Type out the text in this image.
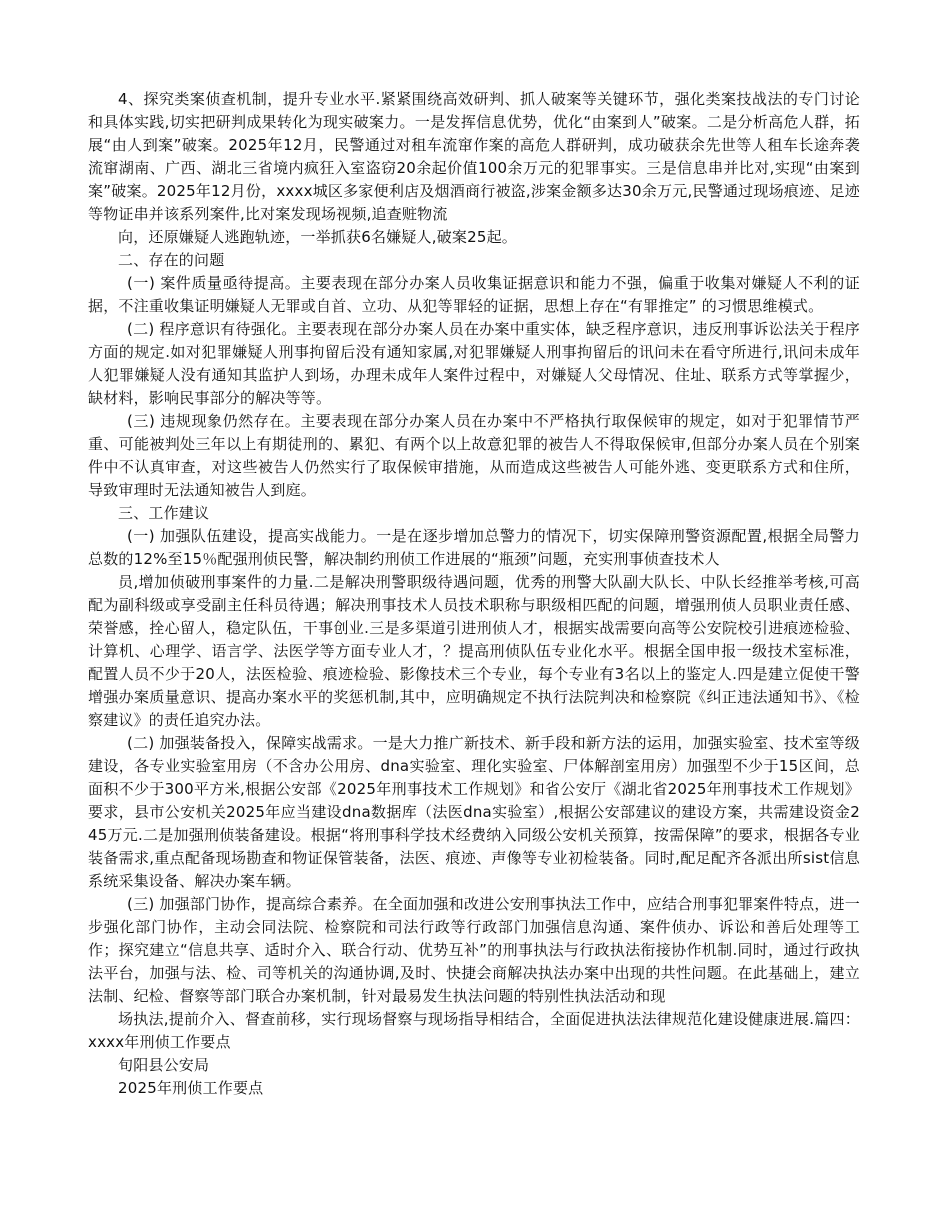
4、探究类案侦查机制，提升专业水平.紧紧围绕高效研判、抓人破案等关键环节，强化类案技战法的专门讨论和具体实践,切实把研判成果转化为现实破案力。一是发挥信息优势，优化“由案到人”破案。二是分析高危人群，拓展“由人到案”破案。2025年12月，民警通过对租车流窜作案的高危人群研判，成功破获余先世等人租车长途奔袭流窜湖南、广西、湖北三省境内疯狂入室盗窃20余起价值100余万元的犯罪事实。三是信息串并比对,实现“由案到案”破案。2025年12月份，xxxx城区多家便利店及烟酒商行被盗,涉案金额多达30余万元,民警通过现场痕迹、足迹等物证串并该系列案件,比对案发现场视频,追查赃物流

向，还原嫌疑人逃跑轨迹，一举抓获6名嫌疑人,破案25起。

二、存在的问题

(一) 案件质量亟待提高。主要表现在部分办案人员收集证据意识和能力不强，偏重于收集对嫌疑人不利的证据，不注重收集证明嫌疑人无罪或自首、立功、从犯等罪轻的证据，思想上存在“有罪推定” 的习惯思维模式。

(二) 程序意识有待强化。主要表现在部分办案人员在办案中重实体，缺乏程序意识，违反刑事诉讼法关于程序方面的规定.如对犯罪嫌疑人刑事拘留后没有通知家属,对犯罪嫌疑人刑事拘留后的讯问未在看守所进行,讯问未成年人犯罪嫌疑人没有通知其监护人到场，办理未成年人案件过程中，对嫌疑人父母情况、住址、联系方式等掌握少，缺材料，影响民事部分的解决等等。

(三) 违规现象仍然存在。主要表现在部分办案人员在办案中不严格执行取保候审的规定，如对于犯罪情节严重、可能被判处三年以上有期徒刑的、累犯、有两个以上故意犯罪的被告人不得取保候审,但部分办案人员在个别案件中不认真审查，对这些被告人仍然实行了取保候审措施，从而造成这些被告人可能外逃、变更联系方式和住所，导致审理时无法通知被告人到庭。

三、工作建议

(一) 加强队伍建设，提高实战能力。一是在逐步增加总警力的情况下，切实保障刑警资源配置,根据全局警力总数的12%至15％配强刑侦民警，解决制约刑侦工作进展的“瓶颈”问题，充实刑事侦查技术人

员,增加侦破刑事案件的力量.二是解决刑警职级待遇问题，优秀的刑警大队副大队长、中队长经推举考核,可高配为副科级或享受副主任科员待遇；解决刑事技术人员技术职称与职级相匹配的问题，增强刑侦人员职业责任感、荣誉感，拴心留人，稳定队伍，干事创业.三是多渠道引进刑侦人才，根据实战需要向高等公安院校引进痕迹检验、计算机、心理学、语言学、法医学等方面专业人才，？提高刑侦队伍专业化水平。根据全国申报一级技术室标准，配置人员不少于20人，法医检验、痕迹检验、影像技术三个专业，每个专业有3名以上的鉴定人.四是建立促使干警增强办案质量意识、提高办案水平的奖惩机制,其中，应明确规定不执行法院判决和检察院《纠正违法通知书》、《检察建议》的责任追究办法。

(二) 加强装备投入，保障实战需求。一是大力推广新技术、新手段和新方法的运用，加强实验室、技术室等级建设，各专业实验室用房（不含办公用房、dna实验室、理化实验室、尸体解剖室用房）加强型不少于15区间，总面积不少于300平方米,根据公安部《2025年刑事技术工作规划》和省公安厅《湖北省2025年刑事技术工作规划》要求，县市公安机关2025年应当建设dna数据库（法医dna实验室）,根据公安部建议的建设方案，共需建设资金245万元.二是加强刑侦装备建设。根据“将刑事科学技术经费纳入同级公安机关预算，按需保障”的要求，根据各专业装备需求,重点配备现场勘查和物证保管装备，法医、痕迹、声像等专业初检装备。同时,配足配齐各派出所sist信息系统采集设备、解决办案车辆。

(三) 加强部门协作，提高综合素养。在全面加强和改进公安刑事执法工作中，应结合刑事犯罪案件特点，进一步强化部门协作，主动会同法院、检察院和司法行政等行政部门加强信息沟通、案件侦办、诉讼和善后处理等工作；探究建立“信息共享、适时介入、联合行动、优势互补”的刑事执法与行政执法衔接协作机制.同时，通过行政执法平台，加强与法、检、司等机关的沟通协调,及时、快捷会商解决执法办案中出现的共性问题。在此基础上，建立法制、纪检、督察等部门联合办案机制，针对最易发生执法问题的特别性执法活动和现

场执法,提前介入、督查前移，实行现场督察与现场指导相结合，全面促进执法法律规范化建设健康进展.篇四：xxxx年刑侦工作要点

旬阳县公安局

2025年刑侦工作要点
